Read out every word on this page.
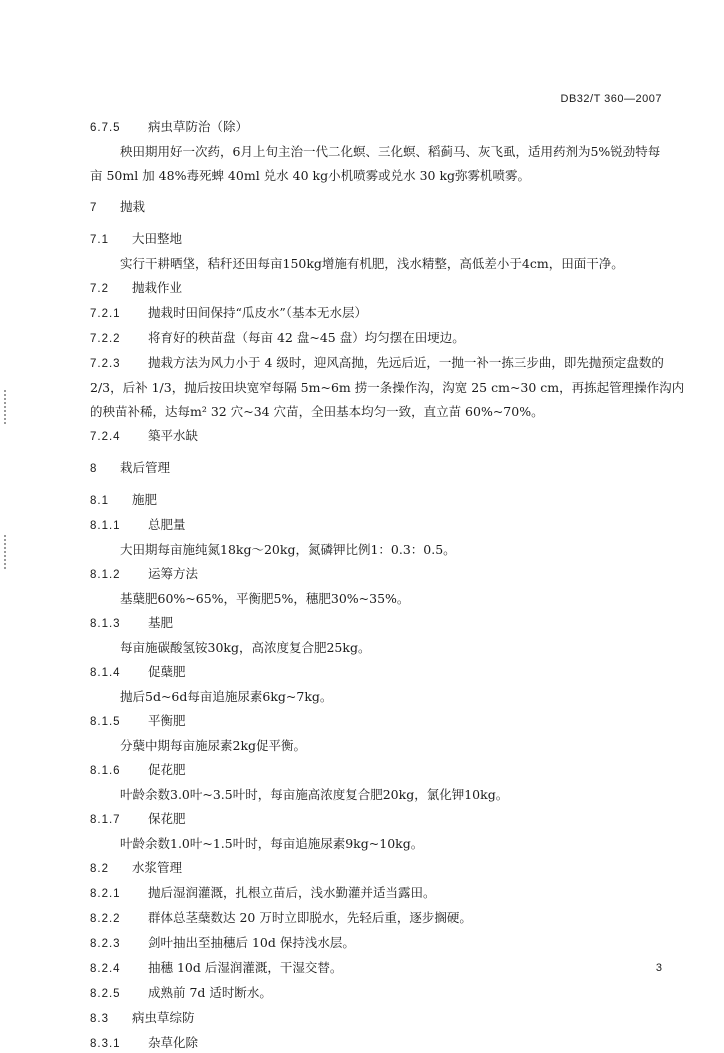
DB32/T 360—2007
6.7.5	病虫草防治（除）
秧田期用好一次药，6月上旬主治一代二化螟、三化螟、稻蓟马、灰飞虱，适用药剂为5%锐劲特每
亩 50ml 加 48%毒死蜱 40ml 兑水 40 kg小机喷雾或兑水 30 kg弥雾机喷雾。
7	抛栽
7.1	大田整地
实行干耕晒垡，秸秆还田每亩150kg增施有机肥，浅水精整，高低差小于4cm，田面干净。
7.2	抛栽作业
7.2.1	抛栽时田间保持“瓜皮水”（基本无水层）
7.2.2	将育好的秧苗盘（每亩 42 盘~45 盘）均匀摆在田埂边。
7.2.3	抛栽方法为风力小于 4 级时，迎风高抛，先远后近，一抛一补一拣三步曲，即先抛预定盘数的
2/3，后补 1/3，抛后按田块宽窄每隔 5m~6m 捞一条操作沟，沟宽 25 cm~30 cm，再拣起管理操作沟内
的秧苗补稀，达每m² 32 穴~34 穴苗，全田基本均匀一致，直立苗 60%~70%。
7.2.4	築平水缺
8	栽后管理
8.1	施肥
8.1.1	总肥量
大田期每亩施纯氮18kg～20kg，氮磷钾比例1：0.3：0.5。
8.1.2	运筹方法
基蘖肥60%~65%，平衡肥5%，穗肥30%~35%。
8.1.3	基肥
每亩施碳酸氢铵30kg，高浓度复合肥25kg。
8.1.4	促蘖肥
抛后5d~6d每亩追施尿素6kg~7kg。
8.1.5	平衡肥
分蘖中期每亩施尿素2kg促平衡。
8.1.6	促花肥
叶龄余数3.0叶~3.5叶时，每亩施高浓度复合肥20kg，氯化钾10kg。
8.1.7	保花肥
叶龄余数1.0叶~1.5叶时，每亩追施尿素9kg~10kg。
8.2	水浆管理
8.2.1	抛后湿润灌溉，扎根立苗后，浅水勤灌并适当露田。
8.2.2	群体总茎蘖数达 20 万时立即脱水，先轻后重，逐步搁硬。
8.2.3	剑叶抽出至抽穗后 10d 保持浅水层。
8.2.4	抽穗 10d 后湿润灌溉，干湿交替。
8.2.5	成熟前 7d 适时断水。
8.3	病虫草综防
8.3.1	杂草化除
3
